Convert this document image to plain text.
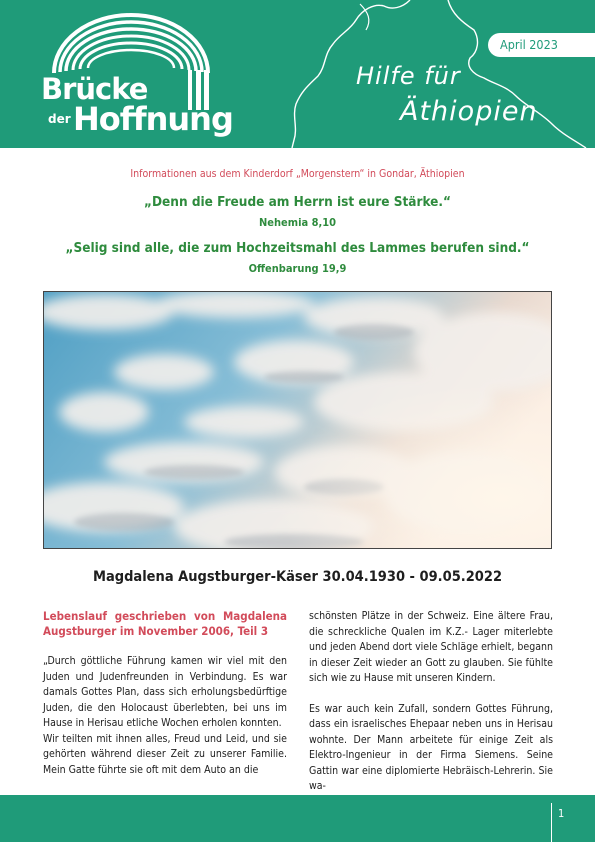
Brücke
der Hoffnung
April 2023
Hilfe für
Äthiopien
Informationen aus dem Kinderdorf „Morgenstern“ in Gondar, Äthiopien
„Denn die Freude am Herrn ist eure Stärke.“
Nehemia 8,10
„Selig sind alle, die zum Hochzeitsmahl des Lammes berufen sind.“
Offenbarung 19,9
Magdalena Augstburger-Käser 30.04.1930 - 09.05.2022
Lebenslauf geschrieben von Magdalena Augstburger im November 2006, Teil 3

„Durch göttliche Führung kamen wir viel mit den Juden und Judenfreunden in Verbindung. Es war damals Gottes Plan, dass sich erholungsbedürftige Juden, die den Holocaust überlebten, bei uns im Hause in Herisau etliche Wochen erholen konnten.

Wir teilten mit ihnen alles, Freud und Leid, und sie gehörten während dieser Zeit zu unserer Familie. Mein Gatte führte sie oft mit dem Auto an die

schönsten Plätze in der Schweiz. Eine ältere Frau, die schreckliche Qualen im K.Z.- Lager miterlebte und jeden Abend dort viele Schläge erhielt, begann in dieser Zeit wieder an Gott zu glauben. Sie fühlte sich wie zu Hause mit unseren Kindern.

Es war auch kein Zufall, sondern Gottes Führung, dass ein israelisches Ehepaar neben uns in Herisau wohnte. Der Mann arbeitete für einige Zeit als Elektro-Ingenieur in der Firma Siemens. Seine Gattin war eine diplomierte Hebräisch-Lehrerin. Sie wa-

1
